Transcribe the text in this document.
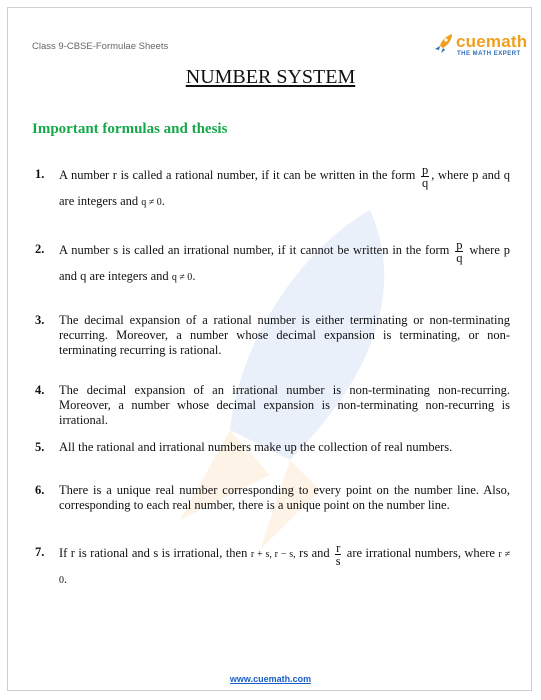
Class 9-CBSE-Formulae Sheets	cuemath
THE MATH EXPERT
NUMBER SYSTEM
Important formulas and thesis
1. A number r is called a rational number, if it can be written in the form $\frac{p}{q}$ , where p and q are integers and q ≠ 0.
2. A number s is called an irrational number, if it cannot be written in the form $\frac{p}{q}$ where p and q are integers and q ≠ 0.
3. The decimal expansion of a rational number is either terminating or non-terminating recurring. Moreover, a number whose decimal expansion is terminating, or non-terminating recurring is rational.
4. The decimal expansion of an irrational number is non-terminating non-recurring. Moreover, a number whose decimal expansion is non-terminating non-recurring is irrational.
5. All the rational and irrational numbers make up the collection of real numbers.
6. There is a unique real number corresponding to every point on the number line. Also, corresponding to each real number, there is a unique point on the number line.
7. If r is rational and s is irrational, then r + s, r − s, rs and $\frac{r}{s}$ are irrational numbers, where r ≠ 0.
www.cuemath.com
